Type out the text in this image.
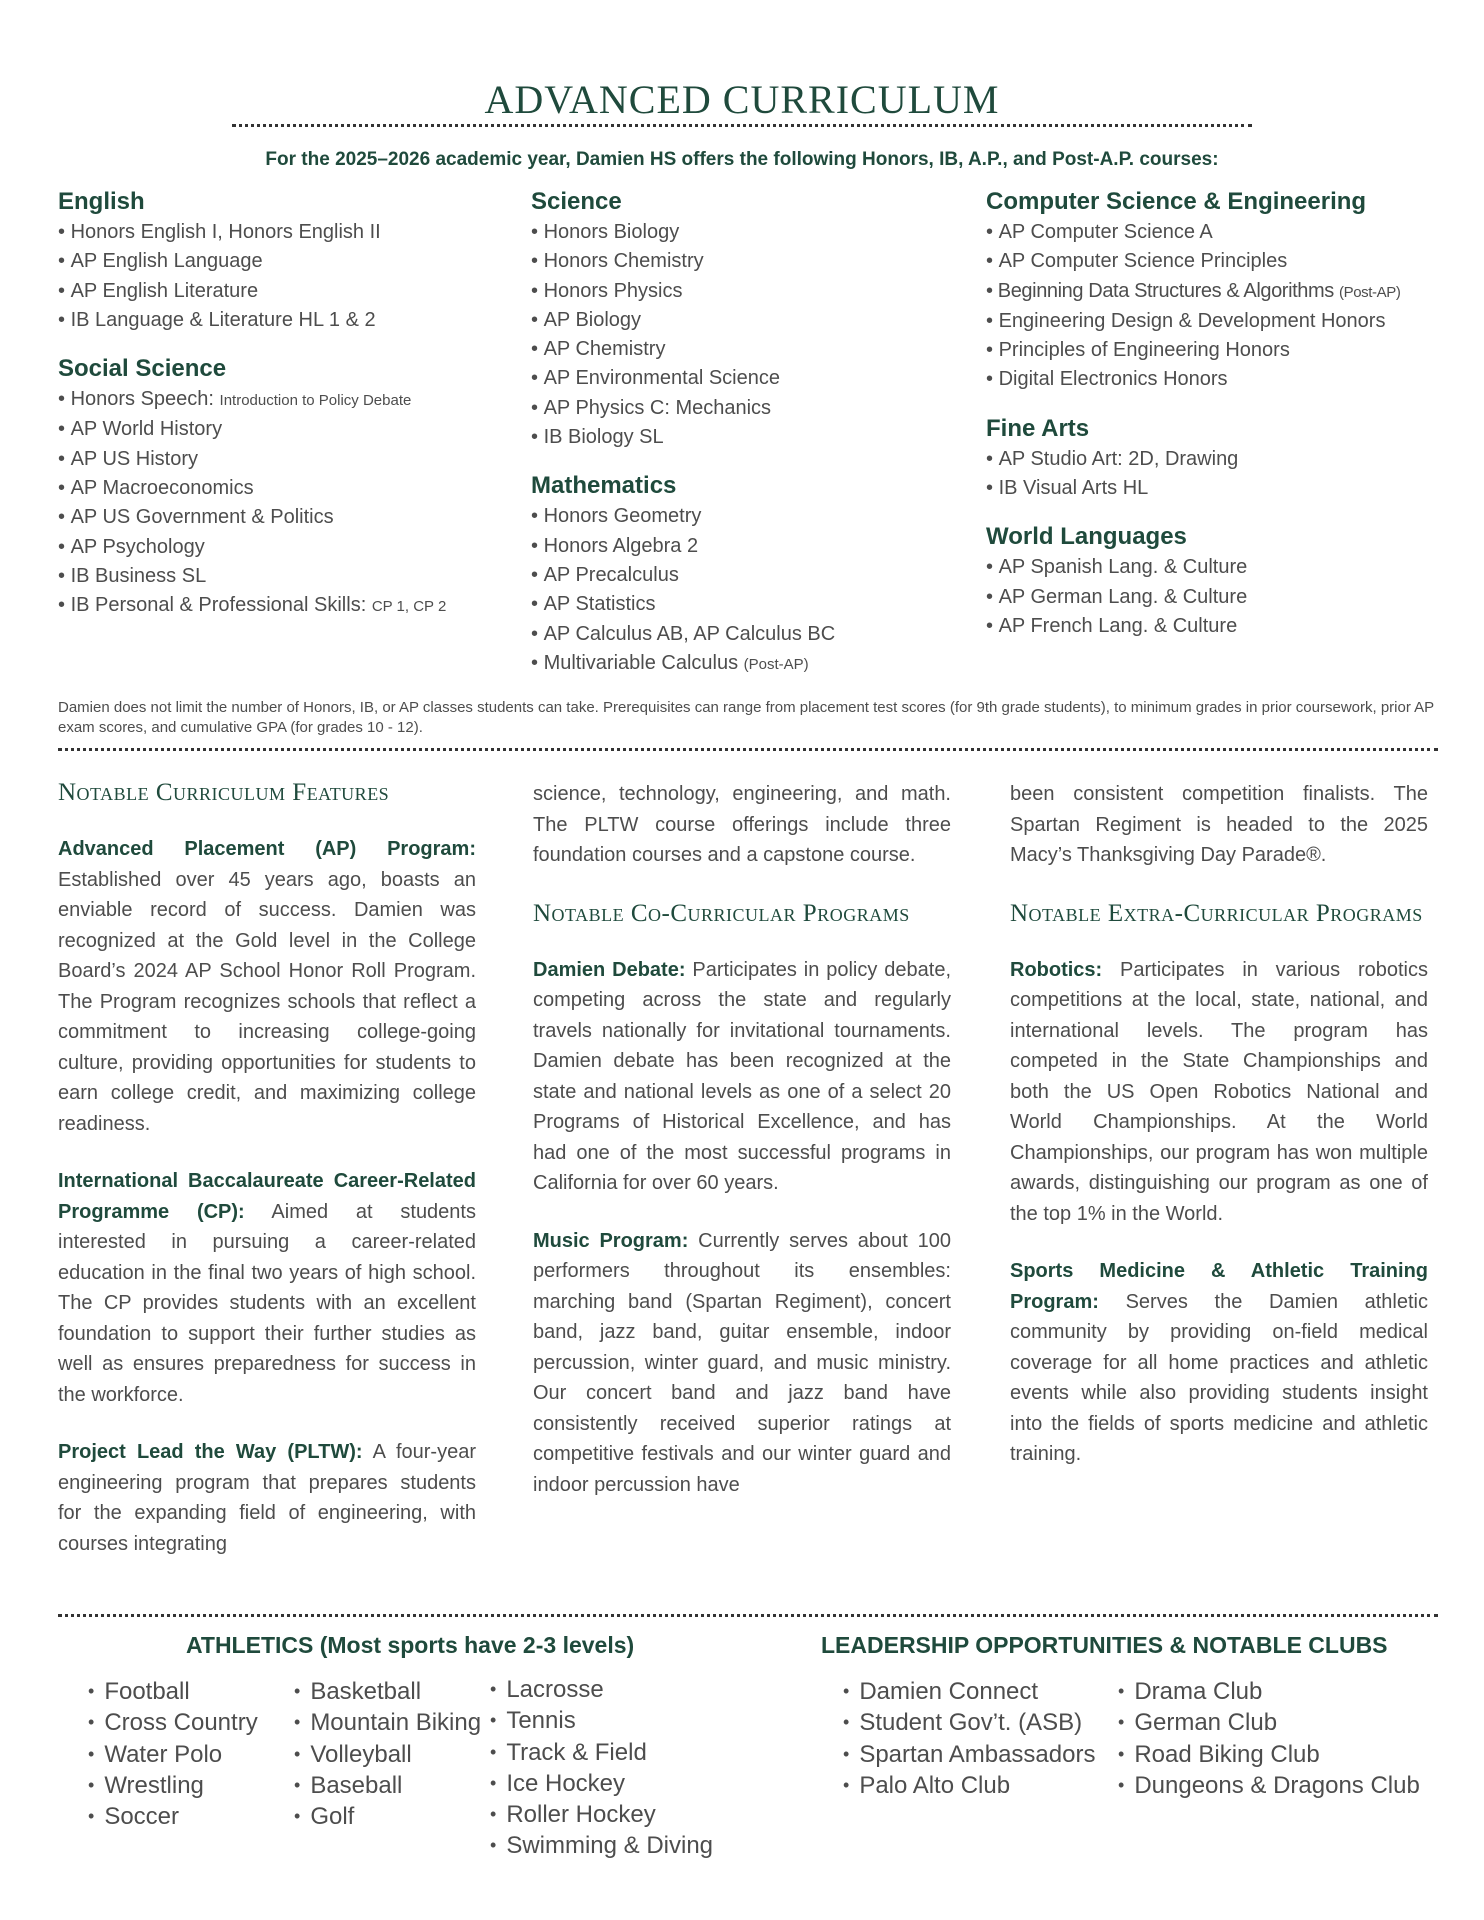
ADVANCED CURRICULUM

For the 2025–2026 academic year, Damien HS offers the following Honors, IB, A.P., and Post-A.P. courses:

English
• Honors English I, Honors English II
• AP English Language
• AP English Literature
• IB Language & Literature HL 1 & 2
Social Science
• Honors Speech: Introduction to Policy Debate
• AP World History
• AP US History
• AP Macroeconomics
• AP US Government & Politics
• AP Psychology
• IB Business SL
• IB Personal & Professional Skills: CP 1, CP 2
Science
• Honors Biology
• Honors Chemistry
• Honors Physics
• AP Biology
• AP Chemistry
• AP Environmental Science
• AP Physics C: Mechanics
• IB Biology SL
Mathematics
• Honors Geometry
• Honors Algebra 2
• AP Precalculus
• AP Statistics
• AP Calculus AB, AP Calculus BC
• Multivariable Calculus (Post-AP)
Computer Science & Engineering
• AP Computer Science A
• AP Computer Science Principles
• Beginning Data Structures & Algorithms (Post-AP)
• Engineering Design & Development Honors
• Principles of Engineering Honors
• Digital Electronics Honors
Fine Arts
• AP Studio Art: 2D, Drawing
• IB Visual Arts HL
World Languages
• AP Spanish Lang. & Culture
• AP German Lang. & Culture
• AP French Lang. & Culture

Damien does not limit the number of Honors, IB, or AP classes students can take. Prerequisites can range from placement test scores (for 9th grade students), to minimum grades in prior coursework, prior AP exam scores, and cumulative GPA (for grades 10 - 12).

Notable Curriculum Features

Advanced Placement (AP) Program: Established over 45 years ago, boasts an enviable record of success. Damien was recognized at the Gold level in the College Board’s 2024 AP School Honor Roll Program. The Program recognizes schools that reflect a commitment to increasing college-going culture, providing opportunities for students to earn college credit, and maximizing college readiness.

International Baccalaureate Career-Related Programme (CP): Aimed at students interested in pursuing a career-related education in the final two years of high school. The CP provides students with an excellent foundation to support their further studies as well as ensures preparedness for success in the workforce.

Project Lead the Way (PLTW): A four-year engineering program that prepares students for the expanding field of engineering, with courses integrating

science, technology, engineering, and math. The PLTW course offerings include three foundation courses and a capstone course.

Notable Co-Curricular Programs

Damien Debate: Participates in policy debate, competing across the state and regularly travels nationally for invitational tournaments. Damien debate has been recognized at the state and national levels as one of a select 20 Programs of Historical Excellence, and has had one of the most successful programs in California for over 60 years.

Music Program: Currently serves about 100 performers throughout its ensembles: marching band (Spartan Regiment), concert band, jazz band, guitar ensemble, indoor percussion, winter guard, and music ministry. Our concert band and jazz band have consistently received superior ratings at competitive festivals and our winter guard and indoor percussion have

been consistent competition finalists. The Spartan Regiment is headed to the 2025 Macy’s Thanksgiving Day Parade®.

Notable Extra-Curricular Programs

Robotics: Participates in various robotics competitions at the local, state, national, and international levels. The program has competed in the State Championships and both the US Open Robotics National and World Championships. At the World Championships, our program has won multiple awards, distinguishing our program as one of the top 1% in the World.

Sports Medicine & Athletic Training Program: Serves the Damien athletic community by providing on-field medical coverage for all home practices and athletic events while also providing students insight into the fields of sports medicine and athletic training.

ATHLETICS (Most sports have 2-3 levels)
•  Football
•  Cross Country
•  Water Polo
•  Wrestling
•  Soccer
•  Basketball
•  Mountain Biking
•  Volleyball
•  Baseball
•  Golf
•  Lacrosse
•  Tennis
•  Track & Field
•  Ice Hockey
•  Roller Hockey
•  Swimming & Diving
LEADERSHIP OPPORTUNITIES & NOTABLE CLUBS
•  Damien Connect
•  Student Gov’t. (ASB)
•  Spartan Ambassadors
•  Palo Alto Club
•  Drama Club
•  German Club
•  Road Biking Club
•  Dungeons & Dragons Club
